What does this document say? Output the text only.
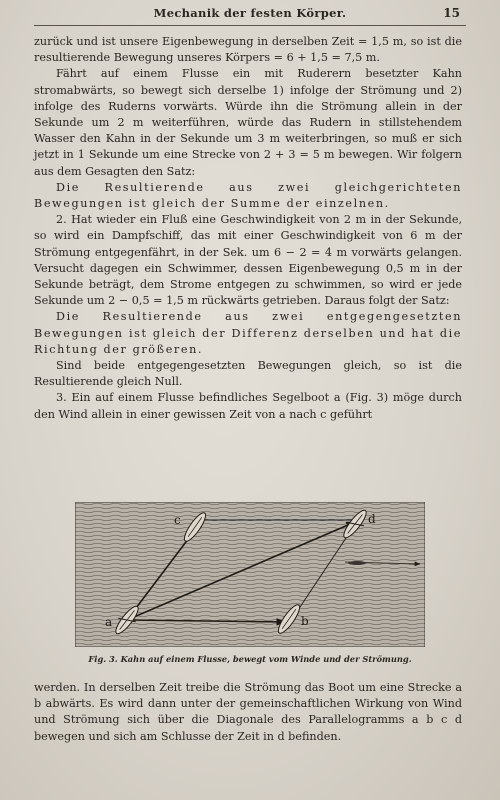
Mechanik der festen Körper.	15

zurück und ist unsere Eigenbewegung in derselben Zeit = 1,5 m, so ist die resultierende Bewegung unseres Körpers = 6 + 1,5 = 7,5 m.

Fährt auf einem Flusse ein mit Ruderern besetzter Kahn stromabwärts, so bewegt sich derselbe 1) infolge der Strömung und 2) infolge des Ruderns vorwärts. Würde ihn die Strömung allein in der Sekunde um 2 m weiterführen, würde das Rudern in stillstehendem Wasser den Kahn in der Sekunde um 3 m weiterbringen, so muß er sich jetzt in 1 Sekunde um eine Strecke von 2 + 3 = 5 m bewegen. Wir folgern aus dem Gesagten den Satz:

Die Resultierende aus zwei gleichgerichteten Bewegungen ist gleich der Summe der einzelnen.

2. Hat wieder ein Fluß eine Geschwindigkeit von 2 m in der Sekunde, so wird ein Dampfschiff, das mit einer Geschwindigkeit von 6 m der Strömung entgegenfährt, in der Sek. um 6 − 2 = 4 m vorwärts gelangen. Versucht dagegen ein Schwimmer, dessen Eigenbewegung 0,5 m in der Sekunde beträgt, dem Strome entgegen zu schwimmen, so wird er jede Sekunde um 2 − 0,5 = 1,5 m rückwärts getrieben. Daraus folgt der Satz:

Die Resultierende aus zwei entgegengesetzten Bewegungen ist gleich der Differenz derselben und hat die Richtung der größeren.

Sind beide entgegengesetzten Bewegungen gleich, so ist die Resultierende gleich Null.

3. Ein auf einem Flusse befindliches Segelboot a (Fig. 3) möge durch den Wind allein in einer gewissen Zeit von a nach c geführt

a	b
c	d
Fig. 3. Kahn auf einem Flusse, bewegt vom Winde und der Strömung.

werden. In derselben Zeit treibe die Strömung das Boot um eine Strecke a b abwärts. Es wird dann unter der gemeinschaftlichen Wirkung von Wind und Strömung sich über die Diagonale des Parallelogramms a b c d bewegen und sich am Schlusse der Zeit in d befinden.
